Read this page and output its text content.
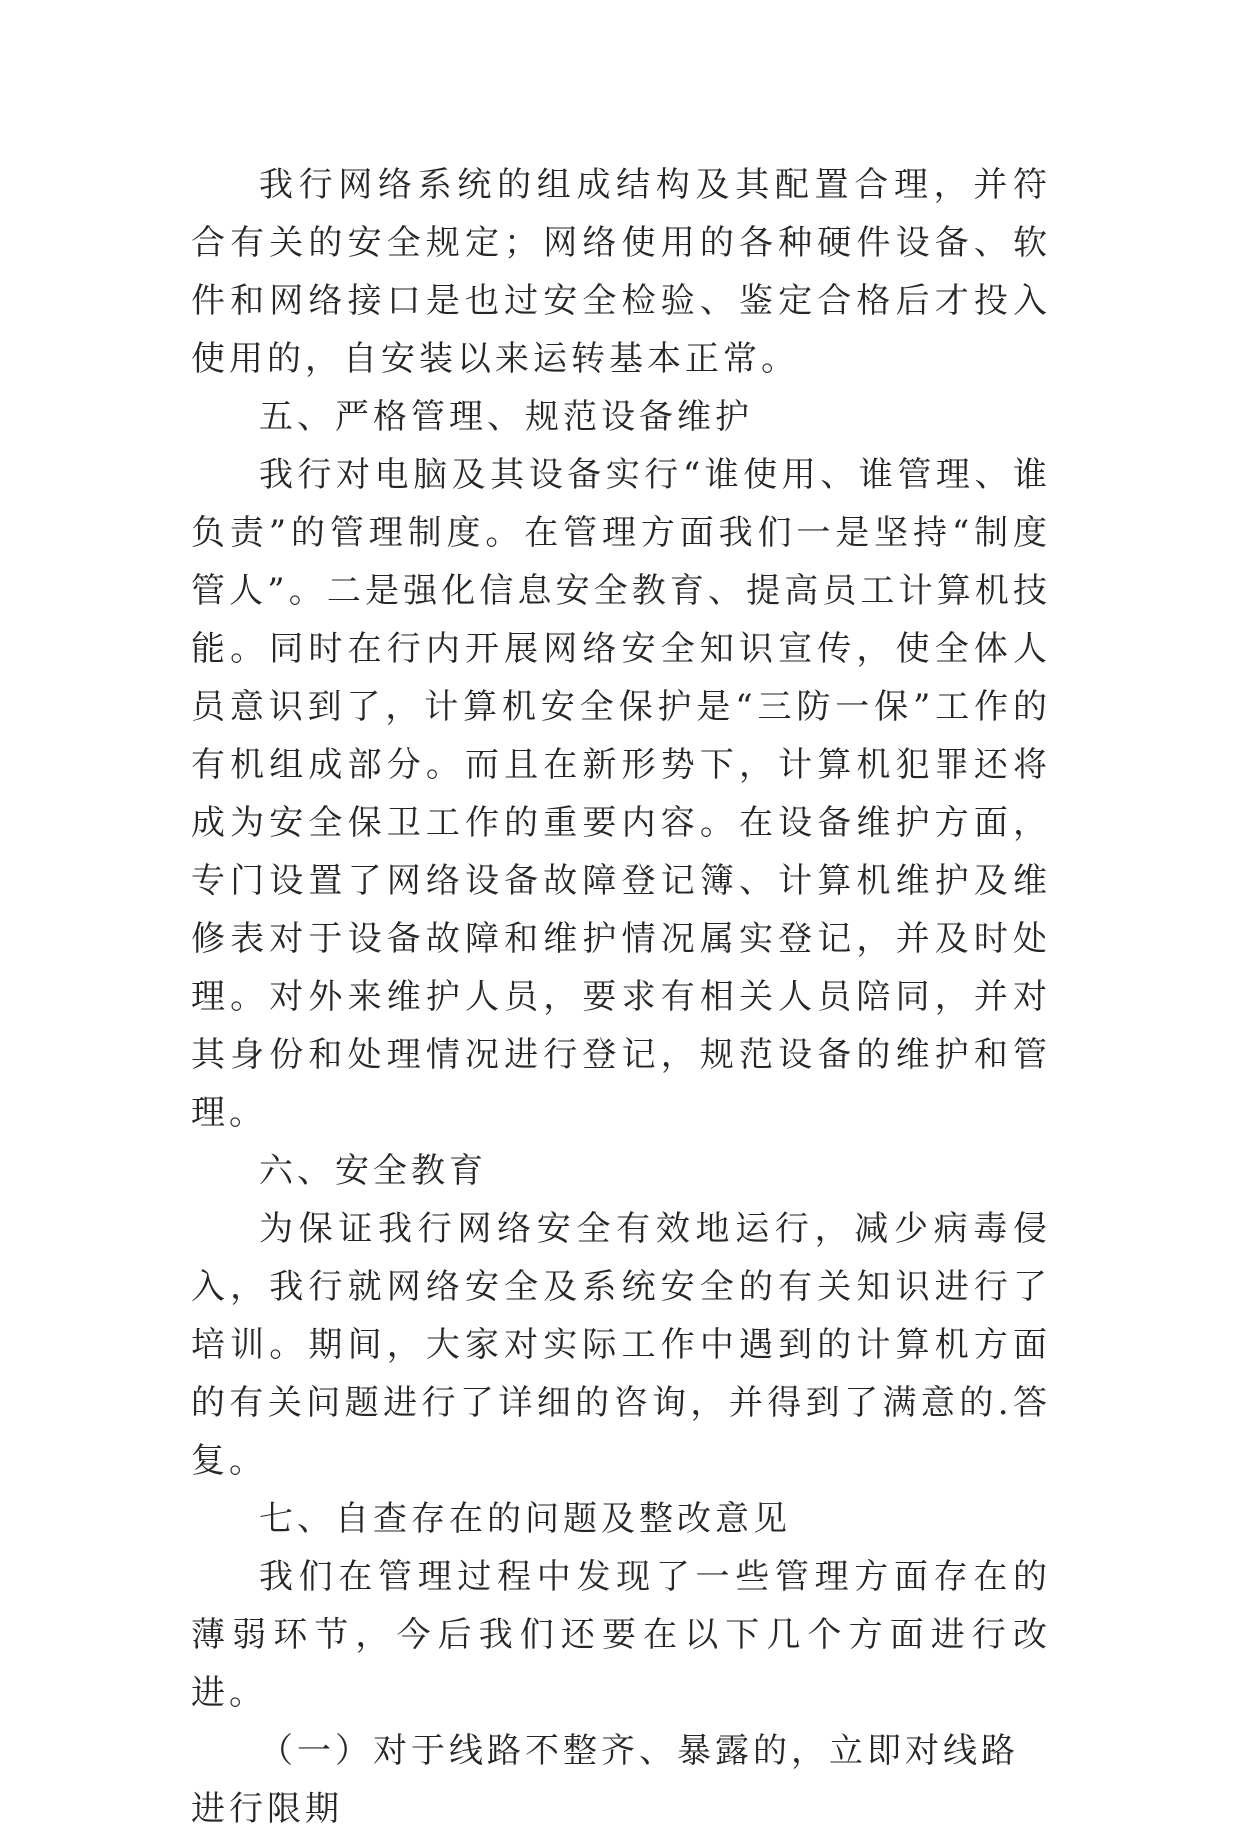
我行网络系统的组成结构及其配置合理，并符合有关的安全规定；网络使用的各种硬件设备、软件和网络接口是也过安全检验、鉴定合格后才投入使用的，自安装以来运转基本正常。

五、严格管理、规范设备维护

我行对电脑及其设备实行“谁使用、谁管理、谁负责”的管理制度。在管理方面我们一是坚持“制度管人”。二是强化信息安全教育、提高员工计算机技能。同时在行内开展网络安全知识宣传，使全体人员意识到了，计算机安全保护是“三防一保”工作的有机组成部分。而且在新形势下，计算机犯罪还将成为安全保卫工作的重要内容。在设备维护方面，专门设置了网络设备故障登记簿、计算机维护及维修表对于设备故障和维护情况属实登记，并及时处理。对外来维护人员，要求有相关人员陪同，并对其身份和处理情况进行登记，规范设备的维护和管理。

六、安全教育

为保证我行网络安全有效地运行，减少病毒侵入，我行就网络安全及系统安全的有关知识进行了培训。期间，大家对实际工作中遇到的计算机方面的有关问题进行了详细的咨询，并得到了满意的.答复。

七、自查存在的问题及整改意见

我们在管理过程中发现了一些管理方面存在的薄弱环节，今后我们还要在以下几个方面进行改进。

（一）对于线路不整齐、暴露的，立即对线路进行限期
